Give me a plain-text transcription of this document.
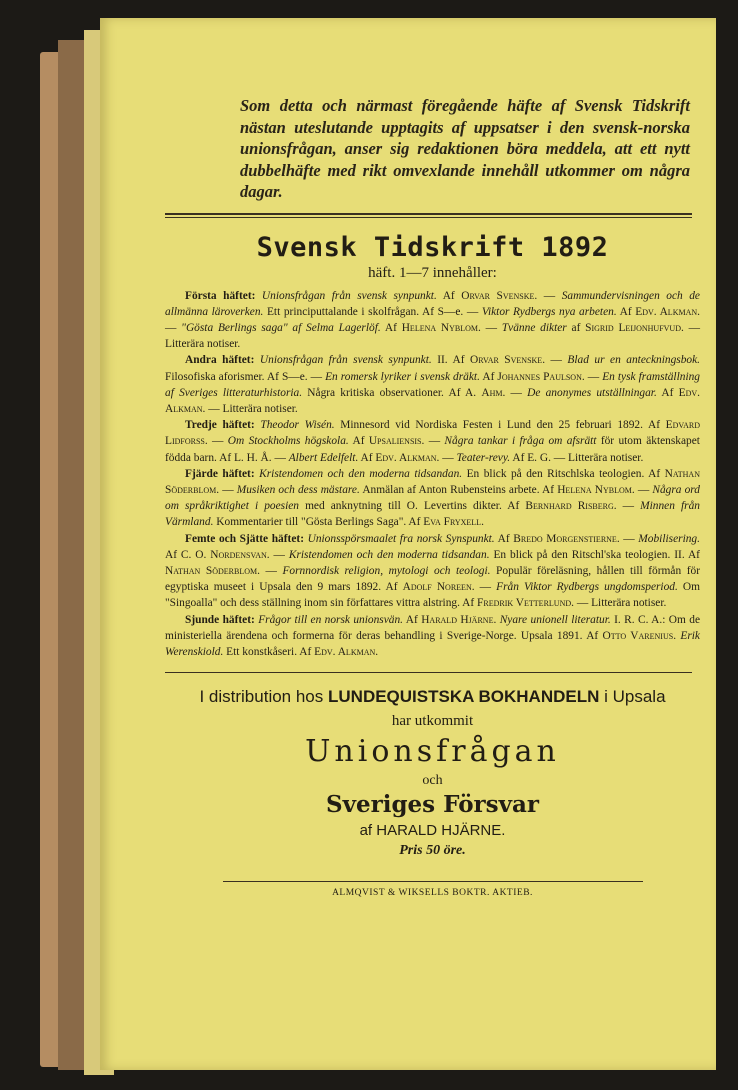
Som detta och närmast föregående häfte af Svensk Tidskrift nästan uteslutande upptagits af uppsatser i den svensk-norska unionsfrågan, anser sig redaktionen böra meddela, att ett nytt dubbelhäfte med rikt omvexlande innehåll utkommer om några dagar.

Svensk Tidskrift 1892
häft. 1—7 innehåller:

Första häftet: Unionsfrågan från svensk synpunkt. Af Orvar Svenske. — Sammundervisningen och de allmänna läroverken. Ett principuttalande i skolfrågan. Af S—e. — Viktor Rydbergs nya arbeten. Af Edv. Alkman. — "Gösta Berlings saga" af Selma Lagerlöf. Af Helena Nyblom. — Tvänne dikter af Sigrid Leijonhufvud. — Litterära notiser.

Andra häftet: Unionsfrågan från svensk synpunkt. II. Af Orvar Svenske. — Blad ur en anteckningsbok. Filosofiska aforismer. Af S—e. — En romersk lyriker i svensk dräkt. Af Johannes Paulson. — En tysk framställning af Sveriges litteraturhistoria. Några kritiska observationer. Af A. Ahm. — De anonymes utställningar. Af Edv. Alkman. — Litterära notiser.

Tredje häftet: Theodor Wisén. Minnesord vid Nordiska Festen i Lund den 25 februari 1892. Af Edvard Lidforss. — Om Stockholms högskola. Af Upsaliensis. — Några tankar i fråga om afsrätt för utom äktenskapet födda barn. Af L. H. Å. — Albert Edelfelt. Af Edv. Alkman. — Teater-revy. Af E. G. — Litterära notiser.

Fjärde häftet: Kristendomen och den moderna tidsandan. En blick på den Ritschlska teologien. Af Nathan Söderblom. — Musiken och dess mästare. Anmälan af Anton Rubensteins arbete. Af Helena Nyblom. — Några ord om språkriktighet i poesien med anknytning till O. Levertins dikter. Af Bernhard Risberg. — Minnen från Värmland. Kommentarier till "Gösta Berlings Saga". Af Eva Fryxell.

Femte och Sjätte häftet: Unionsspörsmaalet fra norsk Synspunkt. Af Bredo Morgenstierne. — Mobilisering. Af C. O. Nordensvan. — Kristendomen och den moderna tidsandan. En blick på den Ritschl'ska teologien. II. Af Nathan Söderblom. — Fornnordisk religion, mytologi och teologi. Populär föreläsning, hållen till förmån för egyptiska museet i Upsala den 9 mars 1892. Af Adolf Noreen. — Från Viktor Rydbergs ungdomsperiod. Om "Singoalla" och dess ställning inom sin författares vittra alstring. Af Fredrik Vetterlund. — Litterära notiser.

Sjunde häftet: Frågor till en norsk unionsvän. Af Harald Hjärne. Nyare unionell literatur. I. R. C. A.: Om de ministeriella ärendena och formerna för deras behandling i Sverige-Norge. Upsala 1891. Af Otto Varenius. Erik Werenskiold. Ett konstkåseri. Af Edv. Alkman.

I distribution hos LUNDEQUISTSKA BOKHANDELN i Upsala
har utkommit
Unionsfrågan
och
Sveriges Försvar
af HARALD HJÄRNE.
Pris 50 öre.
ALMQVIST & WIKSELLS BOKTR. AKTIEB.
